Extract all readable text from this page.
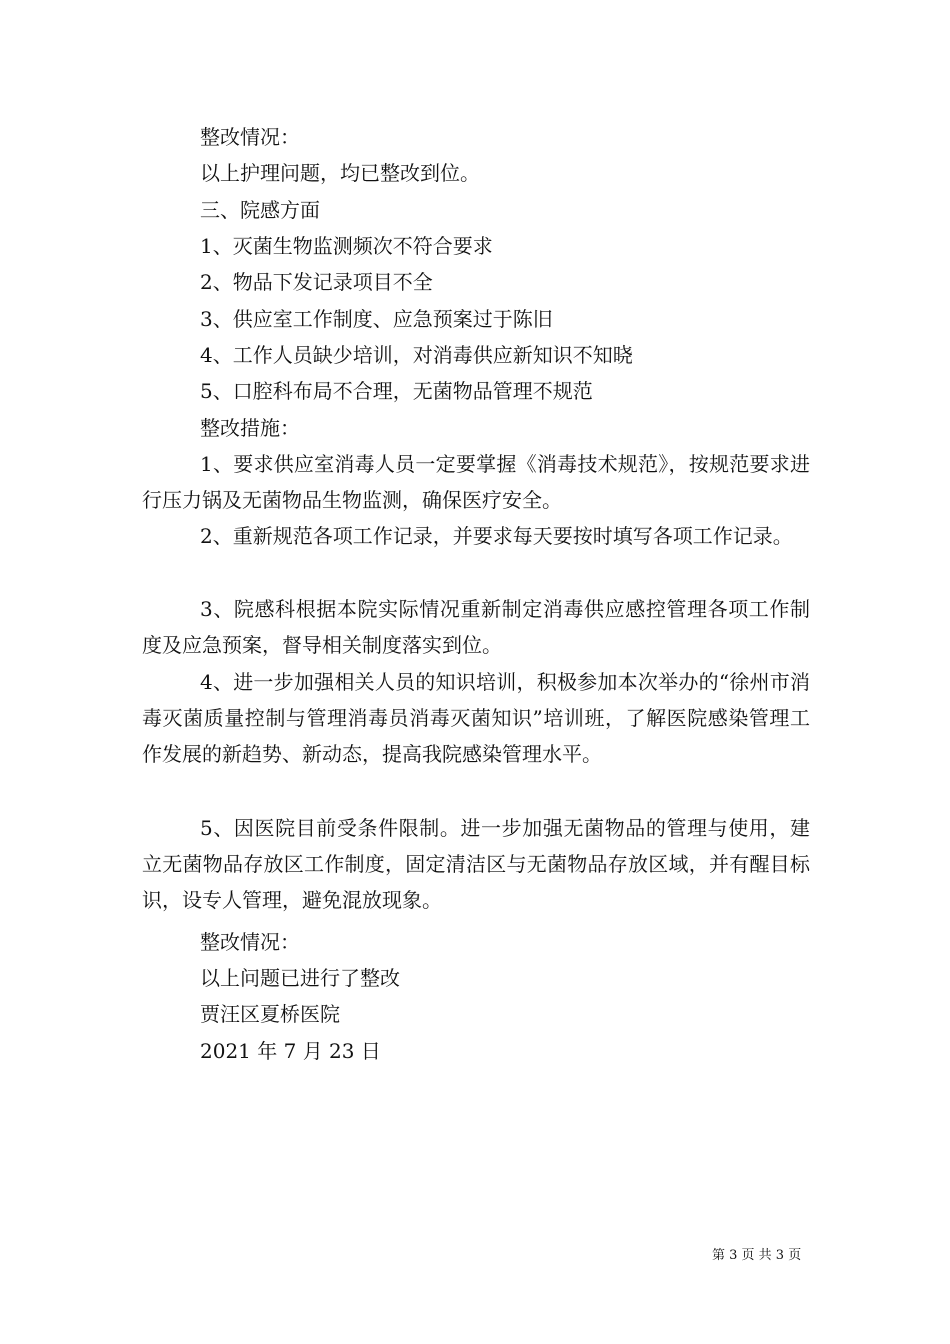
整改情况：
以上护理问题，均已整改到位。
三、院感方面
1、灭菌生物监测频次不符合要求
2、物品下发记录项目不全
3、供应室工作制度、应急预案过于陈旧
4、工作人员缺少培训，对消毒供应新知识不知晓
5、口腔科布局不合理，无菌物品管理不规范
整改措施：

1、要求供应室消毒人员一定要掌握《消毒技术规范》，按规范要求进行压力锅及无菌物品生物监测，确保医疗安全。

2、重新规范各项工作记录，并要求每天要按时填写各项工作记录。

3、院感科根据本院实际情况重新制定消毒供应感控管理各项工作制度及应急预案，督导相关制度落实到位。

4、进一步加强相关人员的知识培训，积极参加本次举办的“徐州市消毒灭菌质量控制与管理消毒员消毒灭菌知识”培训班，了解医院感染管理工作发展的新趋势、新动态，提高我院感染管理水平。

5、因医院目前受条件限制。进一步加强无菌物品的管理与使用，建立无菌物品存放区工作制度，固定清洁区与无菌物品存放区域，并有醒目标识，设专人管理，避免混放现象。

整改情况：
以上问题已进行了整改
贾汪区夏桥医院
2021 年 7 月 23 日
第 3 页 共 3 页
